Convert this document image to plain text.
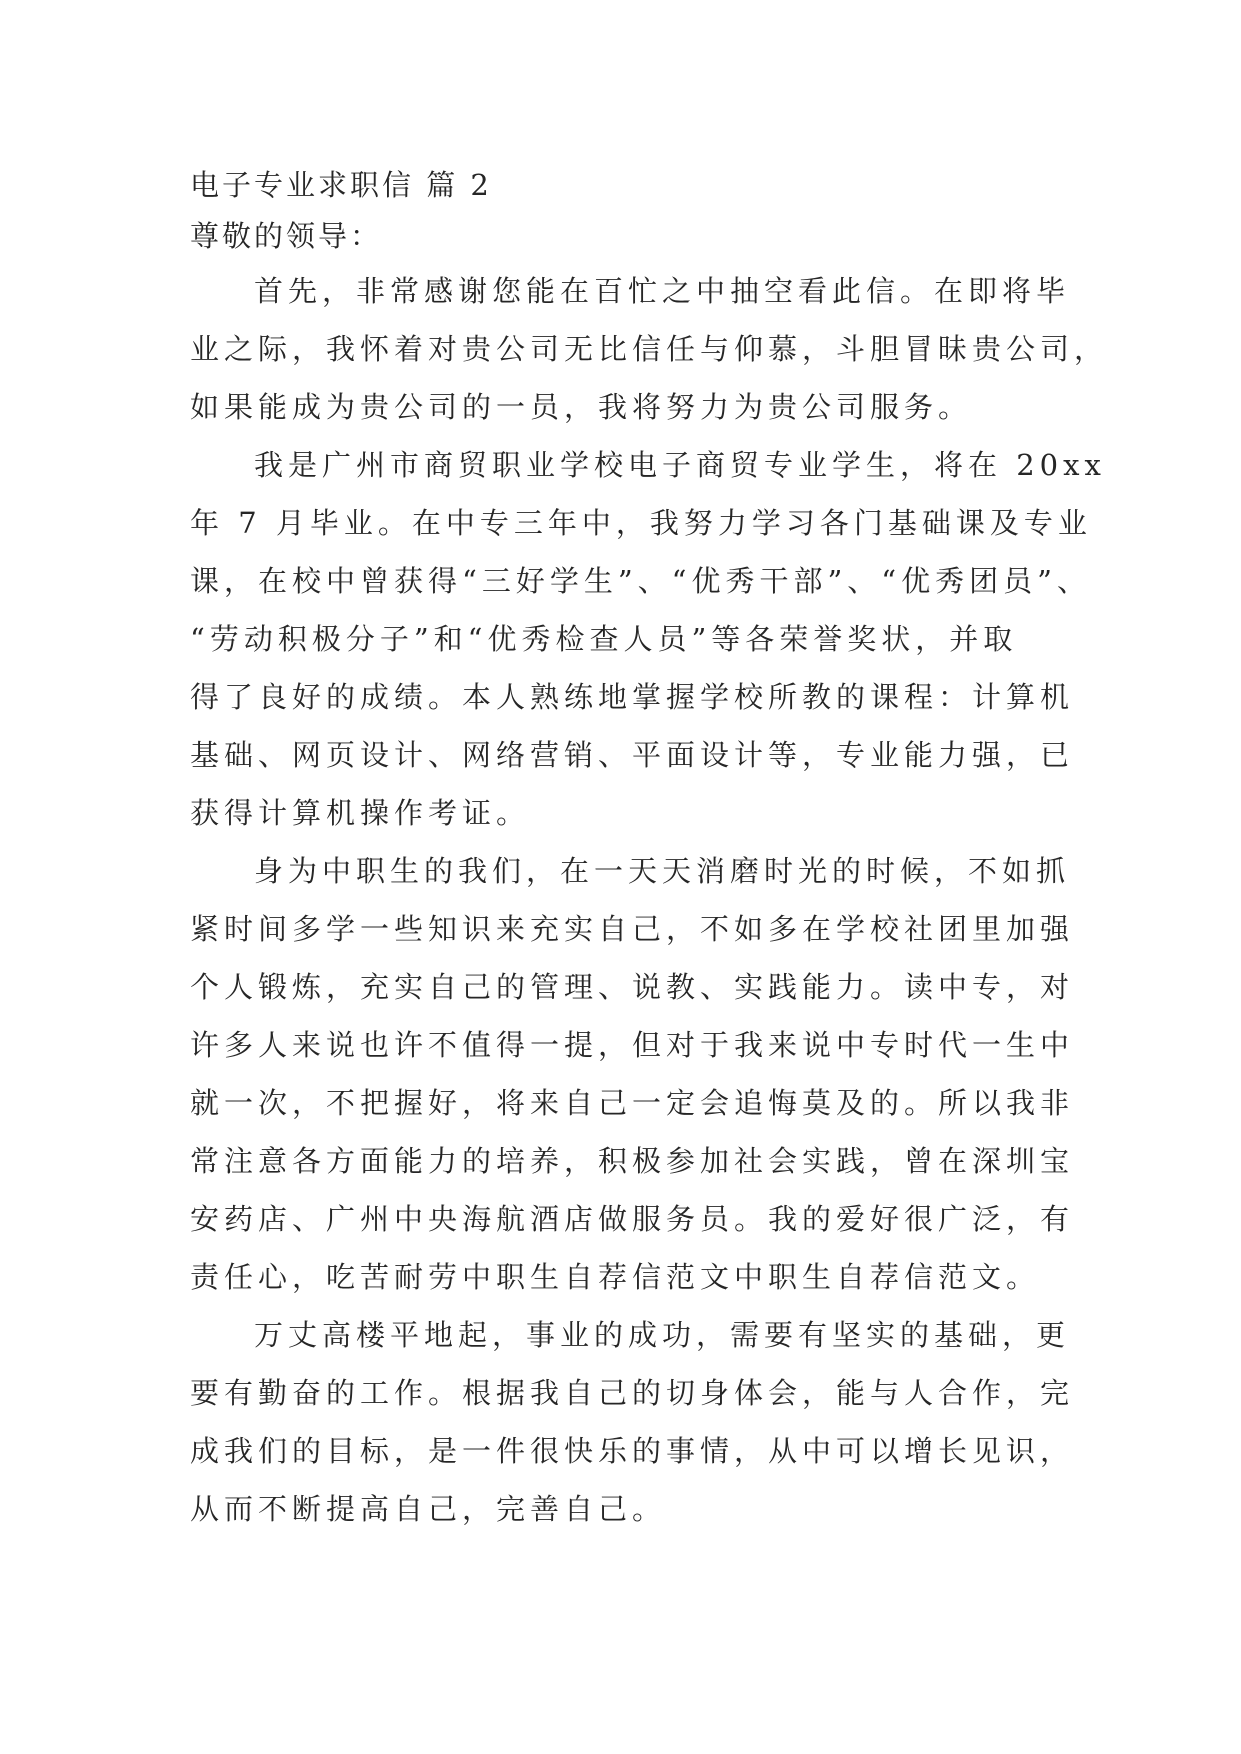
电子专业求职信 篇 2
尊敬的领导：
首先，非常感谢您能在百忙之中抽空看此信。在即将毕
业之际，我怀着对贵公司无比信任与仰慕，斗胆冒昧贵公司，
如果能成为贵公司的一员，我将努力为贵公司服务。
我是广州市商贸职业学校电子商贸专业学生，将在 20xx
年 7 月毕业。在中专三年中，我努力学习各门基础课及专业
课，在校中曾获得“三好学生”、“优秀干部”、“优秀团员”、
“劳动积极分子”和“优秀检查人员”等各荣誉奖状，并取
得了良好的成绩。本人熟练地掌握学校所教的课程：计算机
基础、网页设计、网络营销、平面设计等，专业能力强，已
获得计算机操作考证。
身为中职生的我们，在一天天消磨时光的时候，不如抓
紧时间多学一些知识来充实自己，不如多在学校社团里加强
个人锻炼，充实自己的管理、说教、实践能力。读中专，对
许多人来说也许不值得一提，但对于我来说中专时代一生中
就一次，不把握好，将来自己一定会追悔莫及的。所以我非
常注意各方面能力的培养，积极参加社会实践，曾在深圳宝
安药店、广州中央海航酒店做服务员。我的爱好很广泛，有
责任心，吃苦耐劳中职生自荐信范文中职生自荐信范文。
万丈高楼平地起，事业的成功，需要有坚实的基础，更
要有勤奋的工作。根据我自己的切身体会，能与人合作，完
成我们的目标，是一件很快乐的事情，从中可以增长见识，
从而不断提高自己，完善自己。
